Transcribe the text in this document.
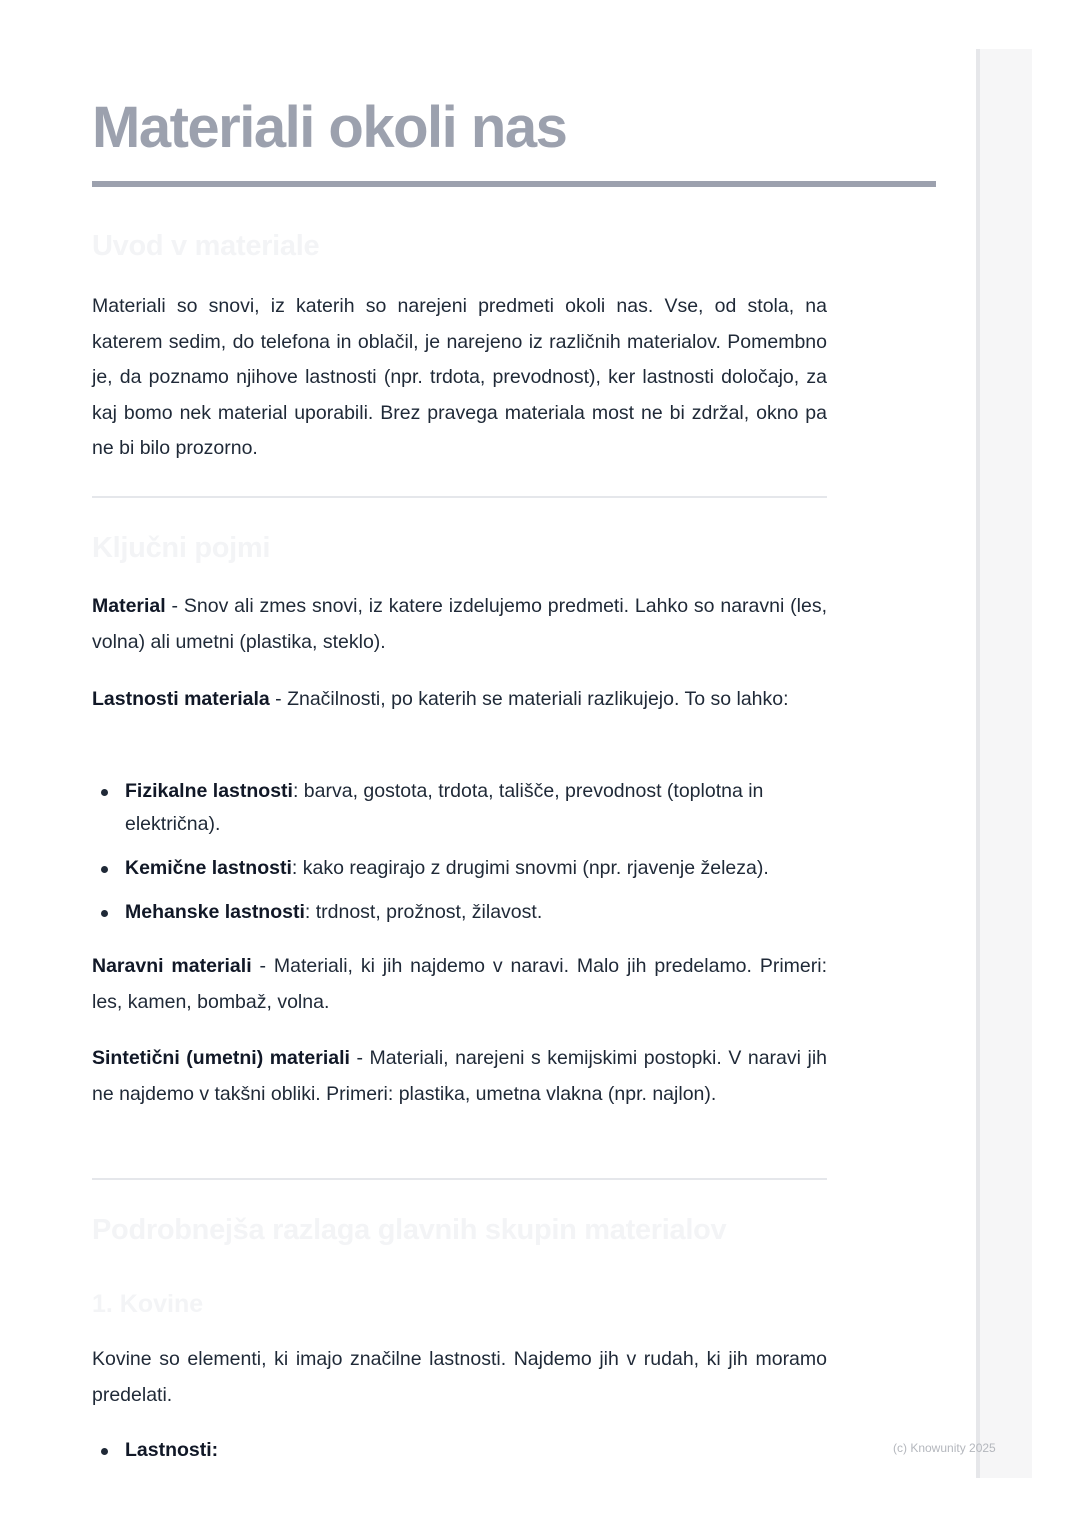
Materiali okoli nas
Uvod v materiale

Materiali so snovi, iz katerih so narejeni predmeti okoli nas. Vse, od stola, na katerem sedim, do telefona in oblačil, je narejeno iz različnih materialov. Pomembno je, da poznamo njihove lastnosti (npr. trdota, prevodnost), ker lastnosti določajo, za kaj bomo nek material uporabili. Brez pravega materiala most ne bi zdržal, okno pa ne bi bilo prozorno.

Ključni pojmi

Material - Snov ali zmes snovi, iz katere izdelujemo predmeti. Lahko so naravni (les, volna) ali umetni (plastika, steklo).

Lastnosti materiala - Značilnosti, po katerih se materiali razlikujejo. To so lahko:

Fizikalne lastnosti: barva, gostota, trdota, tališče, prevodnost (toplotna in električna).
Kemične lastnosti: kako reagirajo z drugimi snovmi (npr. rjavenje železa).
Mehanske lastnosti: trdnost, prožnost, žilavost.

Naravni materiali - Materiali, ki jih najdemo v naravi. Malo jih predelamo. Primeri: les, kamen, bombaž, volna.

Sintetični (umetni) materiali - Materiali, narejeni s kemijskimi postopki. V naravi jih ne najdemo v takšni obliki. Primeri: plastika, umetna vlakna (npr. najlon).

Podrobnejša razlaga glavnih skupin materialov
1. Kovine

Kovine so elementi, ki imajo značilne lastnosti. Najdemo jih v rudah, ki jih moramo predelati.

Lastnosti:	(c) Knowunity 2025
